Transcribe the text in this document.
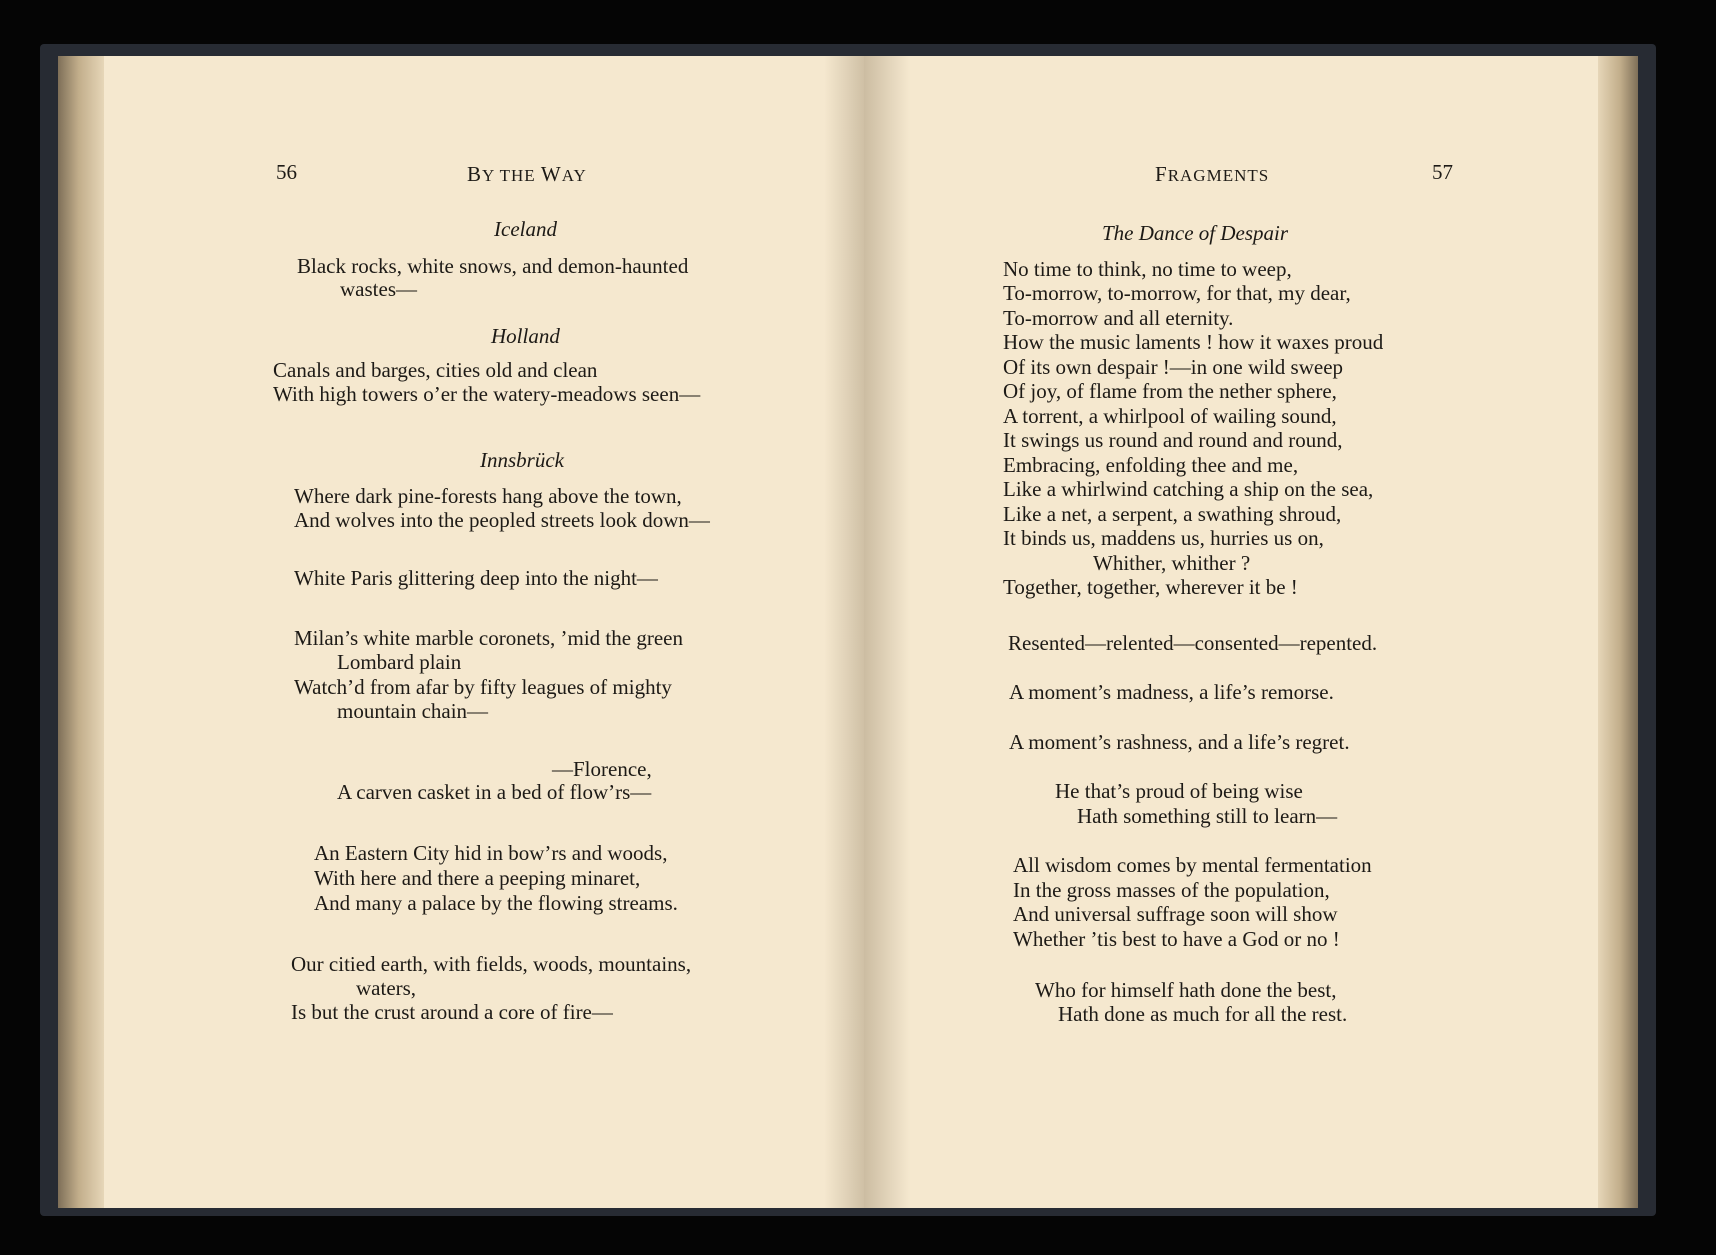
56	BY THE WAY
Iceland
Black rocks, white snows, and demon-haunted
wastes—
Holland
Canals and barges, cities old and clean
With high towers o’er the watery-meadows seen—
Innsbrück
Where dark pine-forests hang above the town,
And wolves into the peopled streets look down—
White Paris glittering deep into the night—
Milan’s white marble coronets, ’mid the green
Lombard plain
Watch’d from afar by fifty leagues of mighty
mountain chain—
—Florence,
A carven casket in a bed of flow’rs—
An Eastern City hid in bow’rs and woods,
With here and there a peeping minaret,
And many a palace by the flowing streams.
Our citied earth, with fields, woods, mountains,
waters,
Is but the crust around a core of fire—
FRAGMENTS	57
The Dance of Despair
No time to think, no time to weep,
To-morrow, to-morrow, for that, my dear,
To-morrow and all eternity.
How the music laments ! how it waxes proud
Of its own despair !—in one wild sweep
Of joy, of flame from the nether sphere,
A torrent, a whirlpool of wailing sound,
It swings us round and round and round,
Embracing, enfolding thee and me,
Like a whirlwind catching a ship on the sea,
Like a net, a serpent, a swathing shroud,
It binds us, maddens us, hurries us on,
Whither, whither ?
Together, together, wherever it be !
Resented—relented—consented—repented.
A moment’s madness, a life’s remorse.
A moment’s rashness, and a life’s regret.
He that’s proud of being wise
Hath something still to learn—
All wisdom comes by mental fermentation
In the gross masses of the population,
And universal suffrage soon will show
Whether ’tis best to have a God or no !
Who for himself hath done the best,
Hath done as much for all the rest.
